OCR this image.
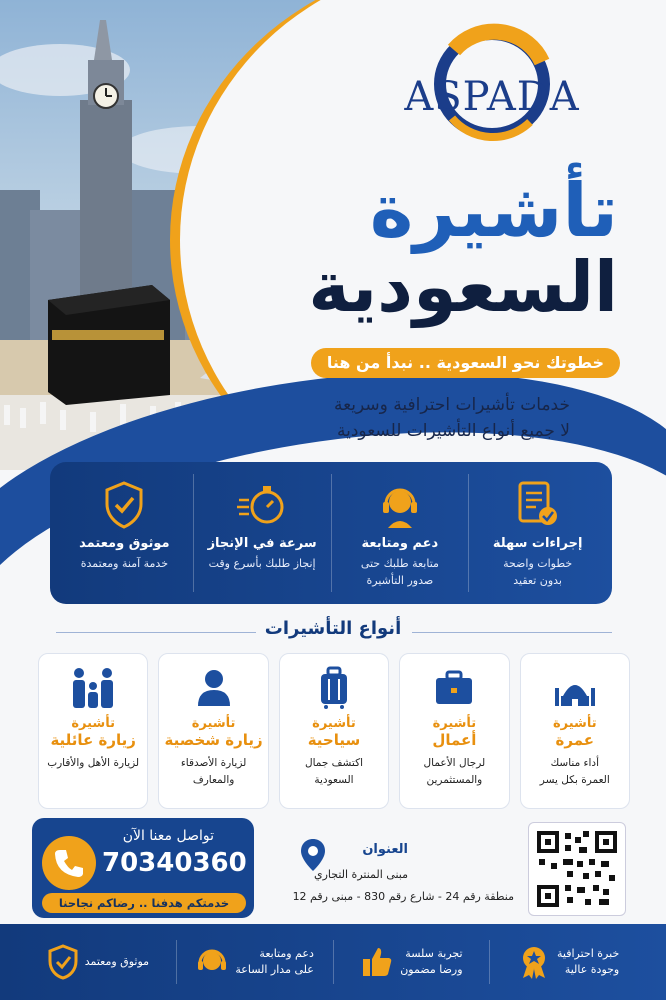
ASPADA
تأشيرة
السعودية
خطوتك نحو السعودية .. نبدأ من هنا
خدمات تأشيرات احترافية وسريعة
لا جميع أنواع التأشيرات للسعودية
إجراءات سهلة
خطوات واضحة
بدون تعقيد
دعم ومتابعة
متابعة طلبك حتى
صدور التأشيرة
سرعة في الإنجاز
إنجاز طلبك بأسرع وقت
موثوق ومعتمد
خدمة آمنة ومعتمدة
أنواع التأشيرات
تأشيرة
عمرة
أداء مناسك
العمرة بكل يسر
تأشيرة
أعمال
لرجال الأعمال
والمستثمرين
تأشيرة
سياحية
اكتشف جمال
السعودية
تأشيرة
زيارة شخصية
لزيارة الأصدقاء
والمعارف
تأشيرة
زيارة عائلية
لزيارة الأهل والأقارب
تواصل معنا الآن
70340360
خدمتكم هدفنا .. رضاكم نجاحنا
العنوان
مبنى المنترة التجاري
منطقة رقم 24 - شارع رقم 830 - مبنى رقم 12
خبرة احترافية
وجودة عالية
تجربة سلسة
ورضا مضمون
دعم ومتابعة
على مدار الساعة
موثوق ومعتمد
